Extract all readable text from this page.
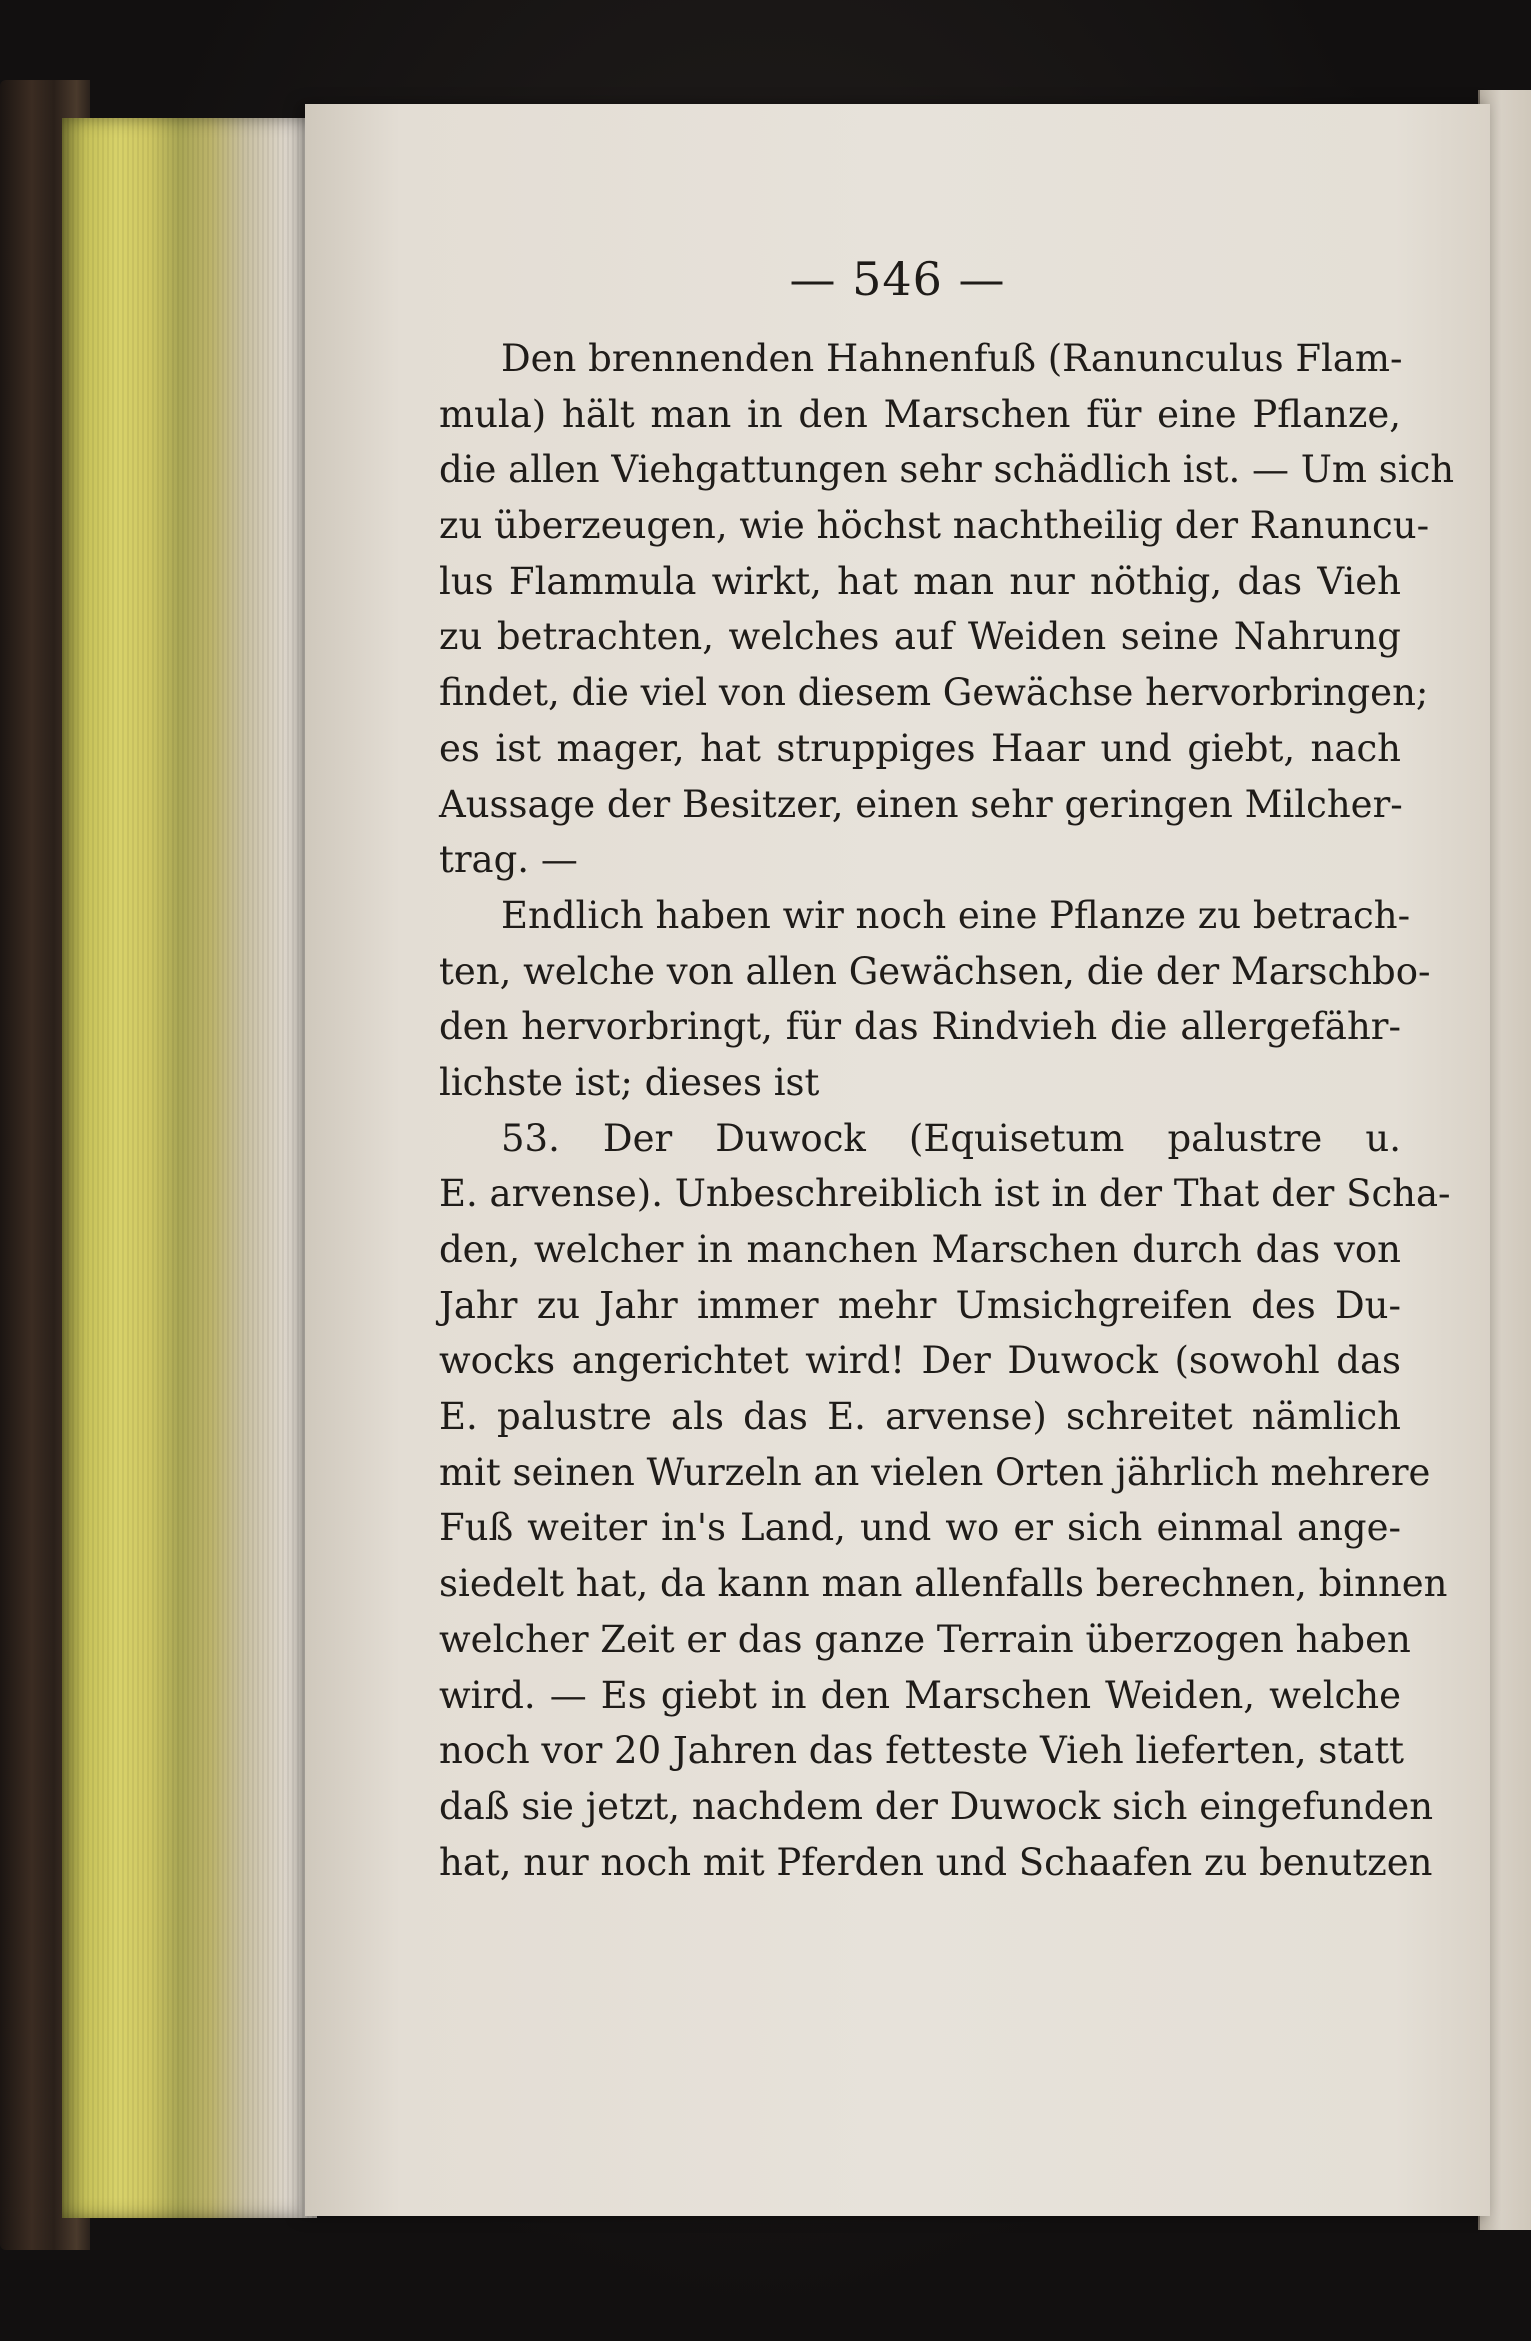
— 546 —
Den brennenden Hahnenfuß (Ranunculus Flam-
mula) hält man in den Marschen für eine Pflanze,
die allen Viehgattungen sehr schädlich ist. — Um sich
zu überzeugen, wie höchst nachtheilig der Ranuncu-
lus Flammula wirkt, hat man nur nöthig, das Vieh
zu betrachten, welches auf Weiden seine Nahrung
findet, die viel von diesem Gewächse hervorbringen;
es ist mager, hat struppiges Haar und giebt, nach
Aussage der Besitzer, einen sehr geringen Milcher-
trag. —
Endlich haben wir noch eine Pflanze zu betrach-
ten, welche von allen Gewächsen, die der Marschbo-
den hervorbringt, für das Rindvieh die allergefähr-
lichste ist; dieses ist
53. Der Duwock (Equisetum palustre u.
E. arvense). Unbeschreiblich ist in der That der Scha-
den, welcher in manchen Marschen durch das von
Jahr zu Jahr immer mehr Umsichgreifen des Du-
wocks angerichtet wird! Der Duwock (sowohl das
E. palustre als das E. arvense) schreitet nämlich
mit seinen Wurzeln an vielen Orten jährlich mehrere
Fuß weiter in's Land, und wo er sich einmal ange-
siedelt hat, da kann man allenfalls berechnen, binnen
welcher Zeit er das ganze Terrain überzogen haben
wird. — Es giebt in den Marschen Weiden, welche
noch vor 20 Jahren das fetteste Vieh lieferten, statt
daß sie jetzt, nachdem der Duwock sich eingefunden
hat, nur noch mit Pferden und Schaafen zu benutzen
